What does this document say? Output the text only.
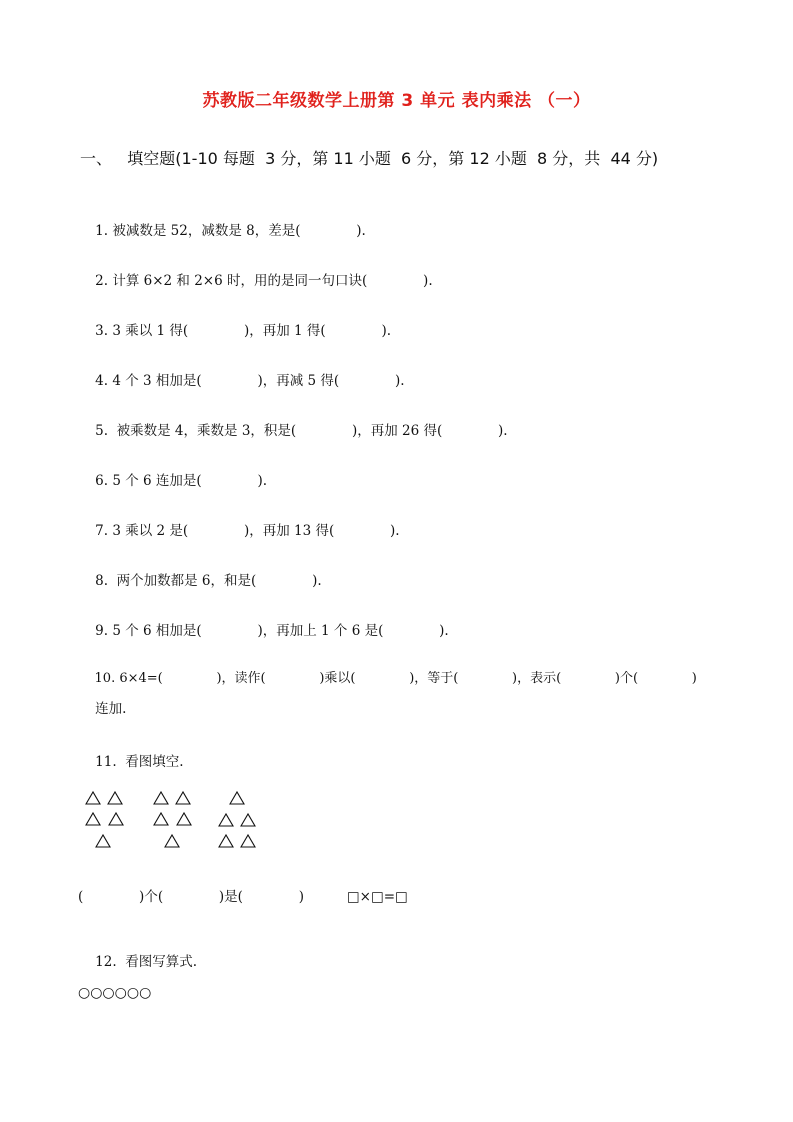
苏教版二年级数学上册第 3 单元 表内乘法 （一）
一、   填空题(1-10 每题  3 分，第 11 小题  6 分，第 12 小题  8 分，共  44 分)

1. 被减数是 52，减数是 8，差是(             ).

2. 计算 6×2 和 2×6 时，用的是同一句口诀(             ).

3. 3 乘以 1 得(             )，再加 1 得(             ).

4. 4 个 3 相加是(             )，再减 5 得(             ).

5.  被乘数是 4，乘数是 3，积是(             )，再加 26 得(             ).

6. 5 个 6 连加是(             ).

7. 3 乘以 2 是(             )，再加 13 得(             ).

8.  两个加数都是 6，和是(             ).

9. 5 个 6 相加是(             )，再加上 1 个 6 是(             ).

10. 6×4=(             )，读作(             )乘以(             )，等于(             )，表示(             )个(             )

连加.

11.  看图填空.

(             )个(             )是(             )          □×□=□

12.  看图写算式.

○○○○○○
